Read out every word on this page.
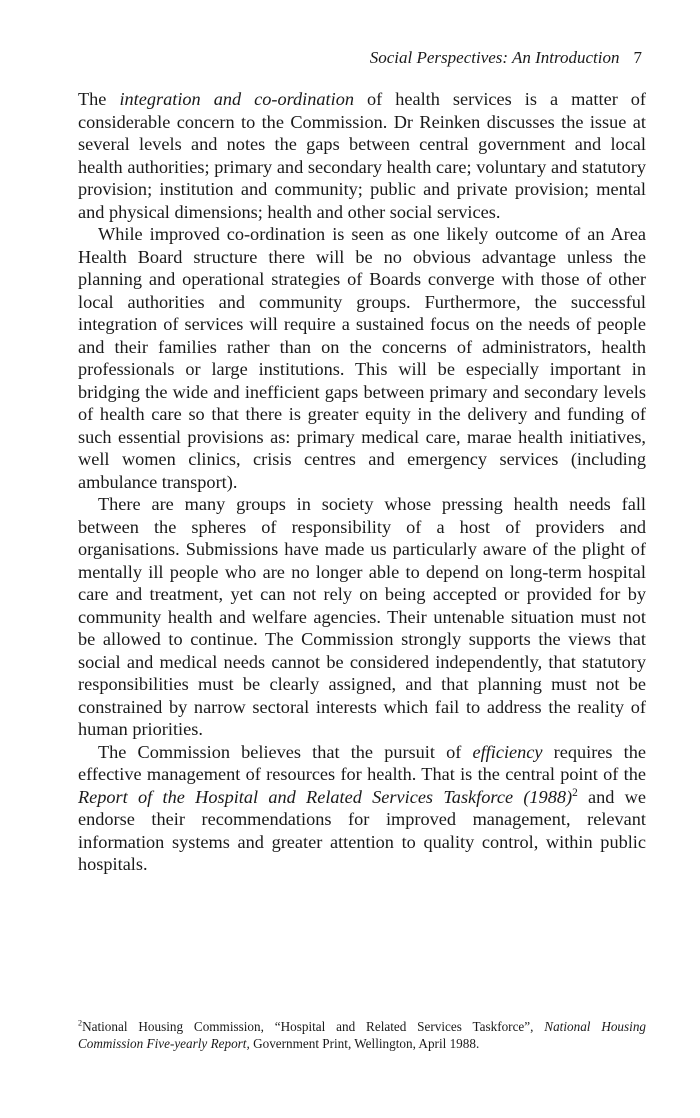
Social Perspectives: An Introduction 7

The integration and co-ordination of health services is a matter of considerable concern to the Commission. Dr Reinken discusses the issue at several levels and notes the gaps between central government and local health authorities; primary and secondary health care; voluntary and statutory provision; institution and community; public and private provision; mental and physical dimensions; health and other social services.

While improved co-ordination is seen as one likely outcome of an Area Health Board structure there will be no obvious advantage unless the planning and operational strategies of Boards converge with those of other local authorities and community groups. Furthermore, the successful integration of services will require a sustained focus on the needs of people and their families rather than on the concerns of administrators, health professionals or large institutions. This will be especially important in bridging the wide and inefficient gaps between primary and secondary levels of health care so that there is greater equity in the delivery and funding of such essential provisions as: primary medical care, marae health initiatives, well women clinics, crisis centres and emergency services (including ambulance transport).

There are many groups in society whose pressing health needs fall between the spheres of responsibility of a host of providers and organisations. Submissions have made us particularly aware of the plight of mentally ill people who are no longer able to depend on long-term hospital care and treatment, yet can not rely on being accepted or provided for by community health and welfare agencies. Their untenable situation must not be allowed to continue. The Commission strongly supports the views that social and medical needs cannot be considered independently, that statutory responsibilities must be clearly assigned, and that planning must not be constrained by narrow sectoral interests which fail to address the reality of human priorities.

The Commission believes that the pursuit of efficiency requires the effective management of resources for health. That is the central point of the Report of the Hospital and Related Services Taskforce $(1988)^2$ and we endorse their recommendations for improved management, relevant information systems and greater attention to quality control, within public hospitals.

$^2$National Housing Commission, “Hospital and Related Services Taskforce”, National Housing Commission Five-yearly Report, Government Print, Wellington, April 1988.
